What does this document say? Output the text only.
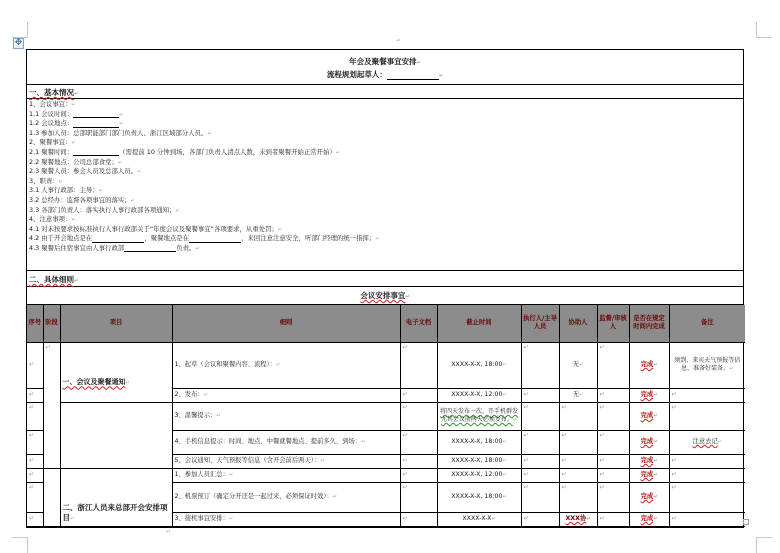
↵
✥
年会及聚餐事宜安排↵
流程规划起草人：	↵
一、基本情况↵
1、会议事宜：↵
1.1 会议时间：	↵
1.2 会议地点：	↵
1.3 参加人员：总部职能部门部门负责人、浙江区域部分人员。↵
2、聚餐事宜：↵
2.1 聚餐时间：	（需提前 10 分钟到场，各部门负责人清点人数，未到者聚餐开始正常开始）↵
2.2 聚餐地点：公司总部食堂；↵
2.3 聚餐人员：参会人员及总部人员。↵
3、职责：↵
3.1 人事行政部：主导；↵
3.2 总经办：监督各项事宜的落实；↵
3.3 各部门负责人：落实执行人事行政部各项通知；↵
4、注意事项：↵
4.1 对未按要求按标准执行人事行政部关于“年度会议及聚餐事宜”各项要求，从重处罚；↵
4.2 由于开会地点是在	，聚餐地点是在	，来回注意注意安全，听部门经理的统一指挥；↵
4.3 聚餐后住宿事宜由人事行政部	负责。↵
二、具体细则↵
会议安排事宜↵
序号	阶段	项目	细则	电子文档	截止时间	执行人/主导人员	协助人	监督/审核人	是否在规定时间内完成	备注
↵	↵	一、会议及聚餐通知↵	1、起草（会议和聚餐内容、流程）：↵	↵	XXXX-X-X, 18:00↵	↵	无↵	↵	完成↵	须到、来宾天气预报等信息，准备好装备。↵
↵			2、发布：↵	↵	XXXX-X-X, 12:00↵	↵	无↵	↵	完成↵	↵
↵			3、温馨提示：↵	↵	将四天发布一次，开手机群发尤其会议前两天必须发布。↵	↵	↵	↵	完成↵	↵
↵			4、手机信息提示：时间、地点、中餐就餐地点、提前多久、到场：↵	↵	XXXX-X-X, 18:00↵	↵	↵	↵	完成↵	注意去记↵
↵			5、会议通知、天气预报等信息（含开会前后两天）：↵	↵	XXXX-X-X, 18:00↵	↵	↵	↵	完成↵	↵
↵		二、浙江人员来总部开会安排项目↵	1、参加人员汇总：↵	↵	XXXX-X-X, 12:00↵	↵	↵	↵	完成↵	↵
↵			2、机票预订（确定分开还是一起过来，必须保证时效）：↵	↵	XXXX-X-X, 18:00↵	↵	↵	↵	完成↵	↵
↵			3、接机事宜安排：↵	↵	XXXX-X-X↵	↵	XXX协↵	↵	完成↵	↵
↵
